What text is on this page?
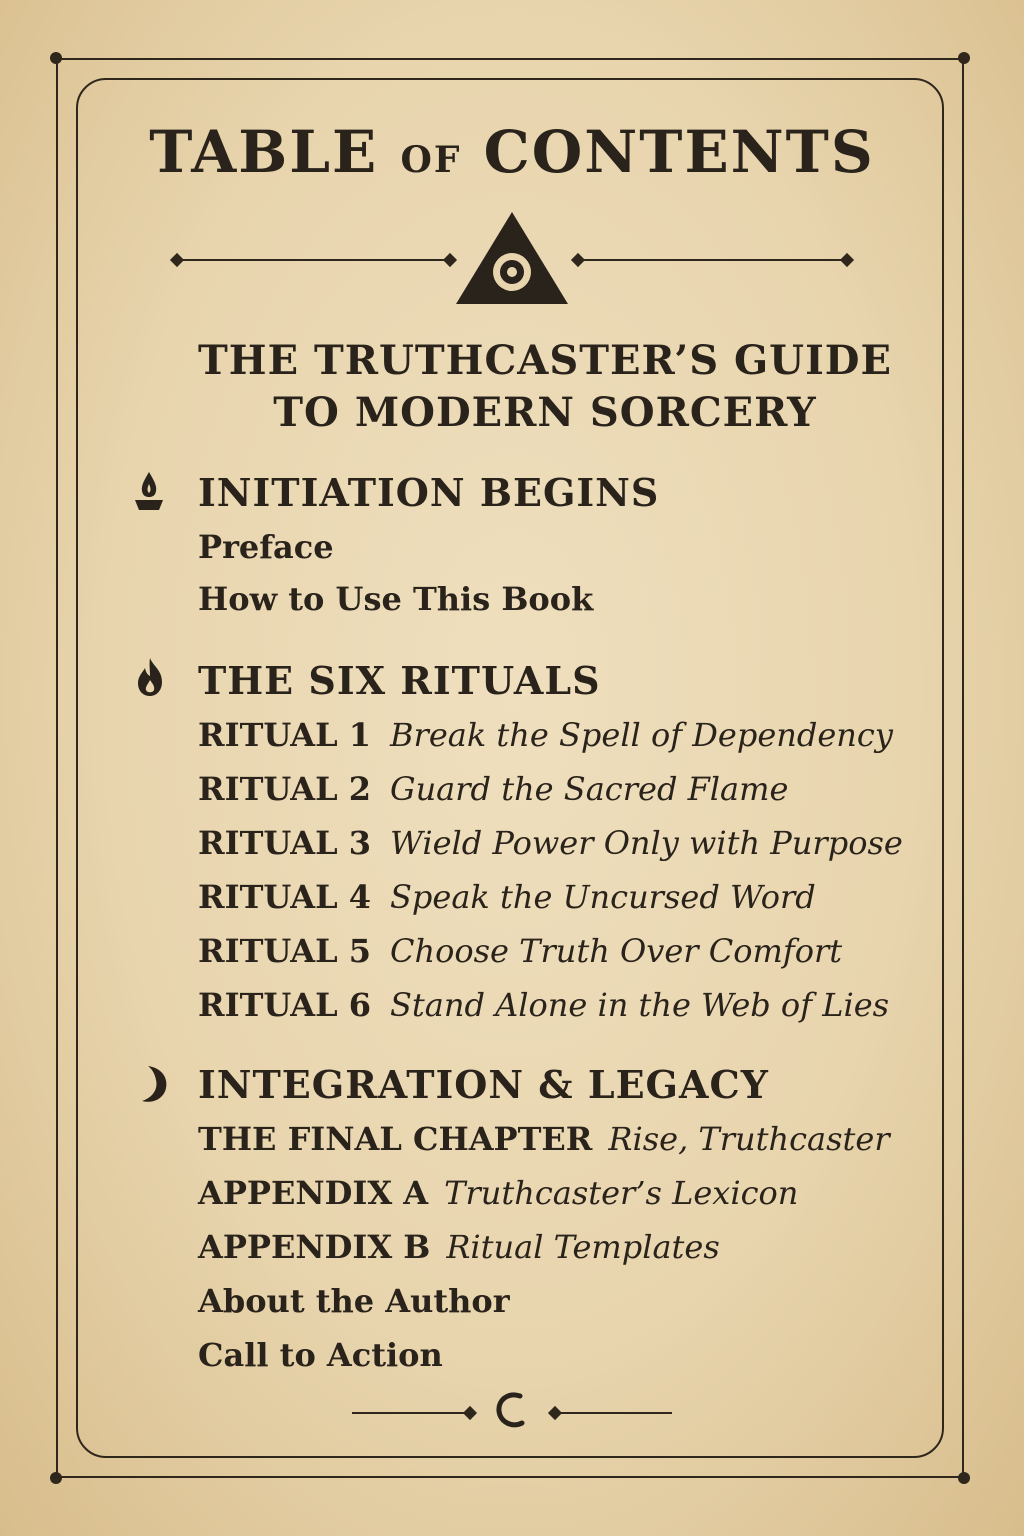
TABLE OF CONTENTS
THE TRUTHCASTER’S GUIDE
TO MODERN SORCERY
INITIATION BEGINS
Preface
How to Use This Book
THE SIX RITUALS
RITUAL 1 Break the Spell of Dependency
RITUAL 2 Guard the Sacred Flame
RITUAL 3 Wield Power Only with Purpose
RITUAL 4 Speak the Uncursed Word
RITUAL 5 Choose Truth Over Comfort
RITUAL 6 Stand Alone in the Web of Lies
INTEGRATION & LEGACY
THE FINAL CHAPTER Rise, Truthcaster
APPENDIX A Truthcaster’s Lexicon
APPENDIX B Ritual Templates
About the Author
Call to Action
